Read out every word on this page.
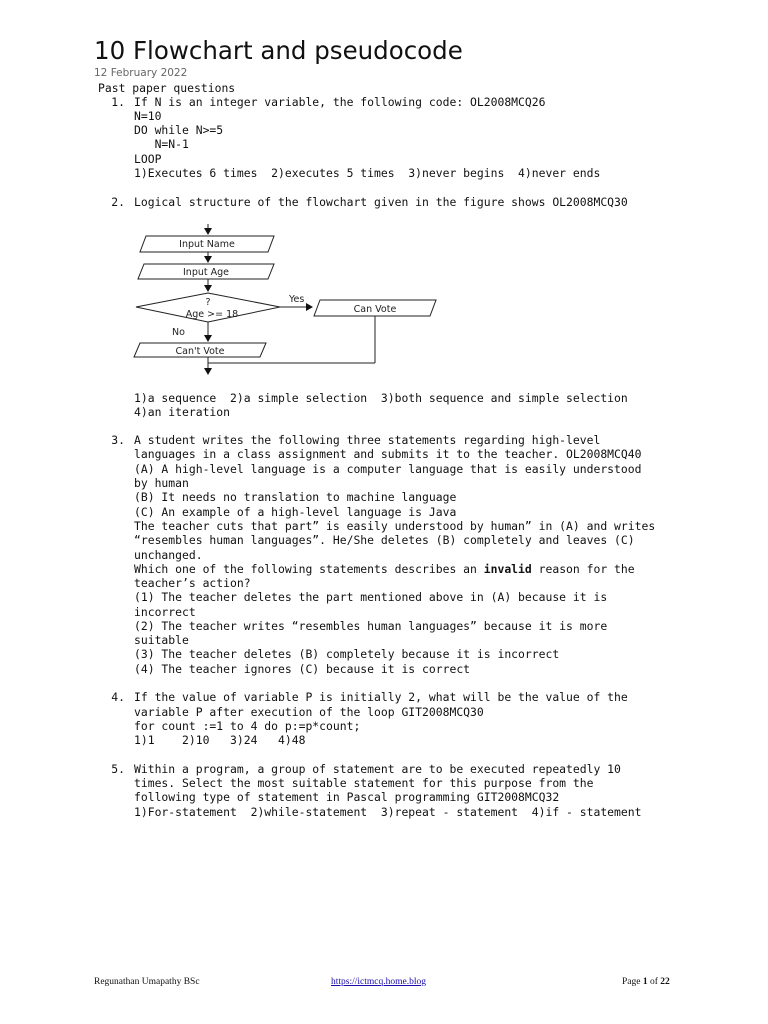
10 Flowchart and pseudocode
12 February 2022

Past paper questions

1.

If N is an integer variable, the following code: OL2008MCQ26

N=10

DO while N>=5

N=N-1

LOOP

1)Executes 6 times  2)executes 5 times  3)never begins  4)never ends

2.

Logical structure of the flowchart given in the figure shows OL2008MCQ30

1)a sequence  2)a simple selection  3)both sequence and simple selection

4)an iteration

3.

A student writes the following three statements regarding high-level

languages in a class assignment and submits it to the teacher. OL2008MCQ40

(A) A high-level language is a computer language that is easily understood

by human

(B) It needs no translation to machine language

(C) An example of a high-level language is Java

The teacher cuts that part” is easily understood by human” in (A) and writes

“resembles human languages”. He/She deletes (B) completely and leaves (C)

unchanged.

Which one of the following statements describes an invalid reason for the

teacher’s action?

(1) The teacher deletes the part mentioned above in (A) because it is

incorrect

(2) The teacher writes “resembles human languages” because it is more

suitable

(3) The teacher deletes (B) completely because it is incorrect

(4) The teacher ignores (C) because it is correct

4.

If the value of variable P is initially 2, what will be the value of the

variable P after execution of the loop GIT2008MCQ30

for count :=1 to 4 do p:=p*count;

1)1    2)10   3)24   4)48

5.

Within a program, a group of statement are to be executed repeatedly 10

times. Select the most suitable statement for this purpose from the

following type of statement in Pascal programming GIT2008MCQ32

1)For-statement  2)while-statement  3)repeat - statement  4)if - statement

Input Name
Input Age
?
Age >= 18
Yes
No
Can Vote
Can't Vote
Regunathan Umapathy BSc	https://ictmcq.home.blog	Page 1 of 22
